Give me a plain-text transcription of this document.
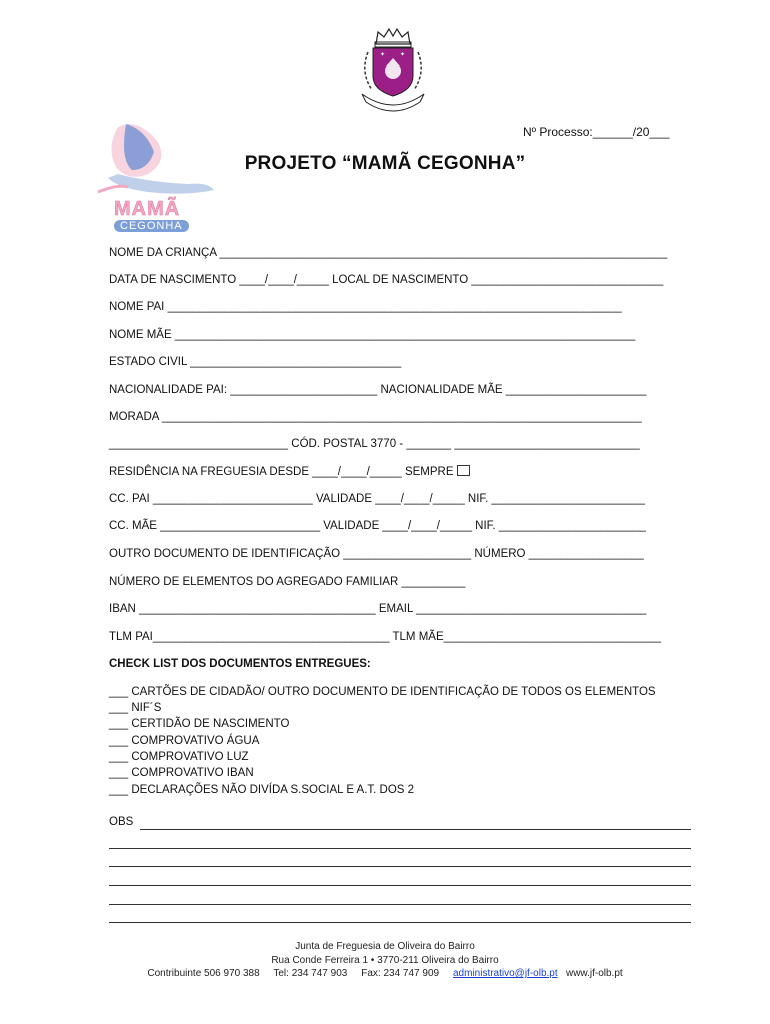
✦ ✦
MAMÃ
CEGONHA
Nº Processo:______/20___
PROJETO “MAMÃ CEGONHA”
NOME DA CRIANÇA ______________________________________________________________________
DATA DE NASCIMENTO ____/____/_____ LOCAL DE NASCIMENTO ______________________________
NOME PAI _______________________________________________________________________
NOME MÃE ________________________________________________________________________
ESTADO CIVIL _________________________________
NACIONALIDADE PAI: _______________________ NACIONALIDADE MÃE ______________________
MORADA ___________________________________________________________________________
____________________________ CÓD. POSTAL 3770 - _______ _____________________________
RESIDÊNCIA NA FREGUESIA DESDE ____/____/_____ SEMPRE
CC. PAI _________________________ VALIDADE ____/____/_____ NIF. ________________________
CC. MÃE _________________________ VALIDADE ____/____/_____ NIF. _______________________
OUTRO DOCUMENTO DE IDENTIFICAÇÃO ____________________ NÚMERO __________________
NÚMERO DE ELEMENTOS DO AGREGADO FAMILIAR __________
IBAN _____________________________________ EMAIL ____________________________________
TLM PAI_____________________________________ TLM MÃE__________________________________
CHECK LIST DOS DOCUMENTOS ENTREGUES:
___ CARTÕES DE CIDADÃO/ OUTRO DOCUMENTO DE IDENTIFICAÇÃO DE TODOS OS ELEMENTOS
___ NIF´S
___ CERTIDÃO DE NASCIMENTO
___ COMPROVATIVO ÁGUA
___ COMPROVATIVO LUZ
___ COMPROVATIVO IBAN
___ DECLARAÇÕES NÃO DIVÍDA S.SOCIAL E A.T. DOS 2
OBS
Junta de Freguesia de Oliveira do Bairro
Rua Conde Ferreira 1 • 3770-211 Oliveira do Bairro
Contribuinte 506 970 388 Tel: 234 747 903 Fax: 234 747 909 administrativo@jf-olb.pt www.jf-olb.pt
